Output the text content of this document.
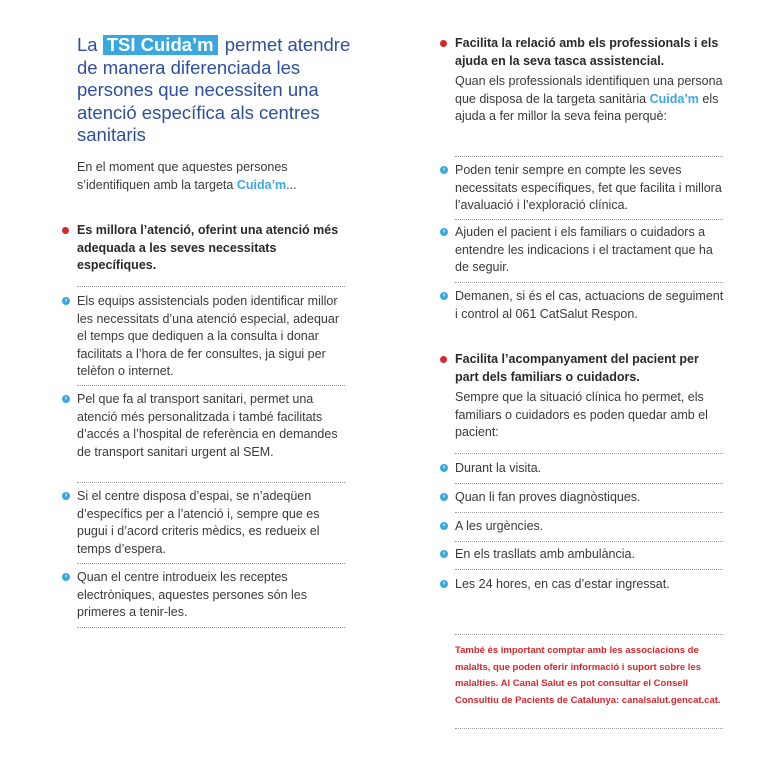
La TSI Cuida’m permet atendre de manera diferenciada les persones que necessiten una atenció específica als centres sanitaris
En el moment que aquestes persones s’identifiquen amb la targeta Cuida’m...
Es millora l’atenció, oferint una atenció més adequada a les seves necessitats específiques.
› Els equips assistencials poden identificar millor les necessitats d’una atenció especial, adequar el temps que dediquen a la consulta i donar facilitats a l’hora de fer consultes, ja sigui per telèfon o internet.
› Pel que fa al transport sanitari, permet una atenció més personalitzada i també facilitats d’accés a l’hospital de referència en demandes de transport sanitari urgent al SEM.
› Si el centre disposa d’espai, se n’adeqüen d’específics per a l’atenció i, sempre que es pugui i d’acord criteris mèdics, es redueix el temps d’espera.
› Quan el centre introdueix les receptes electròniques, aquestes persones són les primeres a tenir-les.
Facilita la relació amb els professionals i els ajuda en la seva tasca assistencial.
Quan els professionals identifiquen una persona que disposa de la targeta sanitària Cuida’m els ajuda a fer millor la seva feina perquè:
› Poden tenir sempre en compte les seves necessitats específiques, fet que facilita i millora l’avaluació i l’exploració clínica.
› Ajuden el pacient i els familiars o cuidadors a entendre les indicacions i el tractament que ha de seguir.
› Demanen, si és el cas, actuacions de seguiment i control al 061 CatSalut Respon.
Facilita l’acompanyament del pacient per part dels familiars o cuidadors.
Sempre que la situació clínica ho permet, els familiars o cuidadors es poden quedar amb el pacient:
› Durant la visita.
› Quan li fan proves diagnòstiques.
› A les urgències.
› En els trasllats amb ambulància.
› Les 24 hores, en cas d’estar ingressat.
També és important comptar amb les associacions de malalts, que poden oferir informació i suport sobre les malalties. Al Canal Salut es pot consultar el Consell Consultiu de Pacients de Catalunya: canalsalut.gencat.cat.
